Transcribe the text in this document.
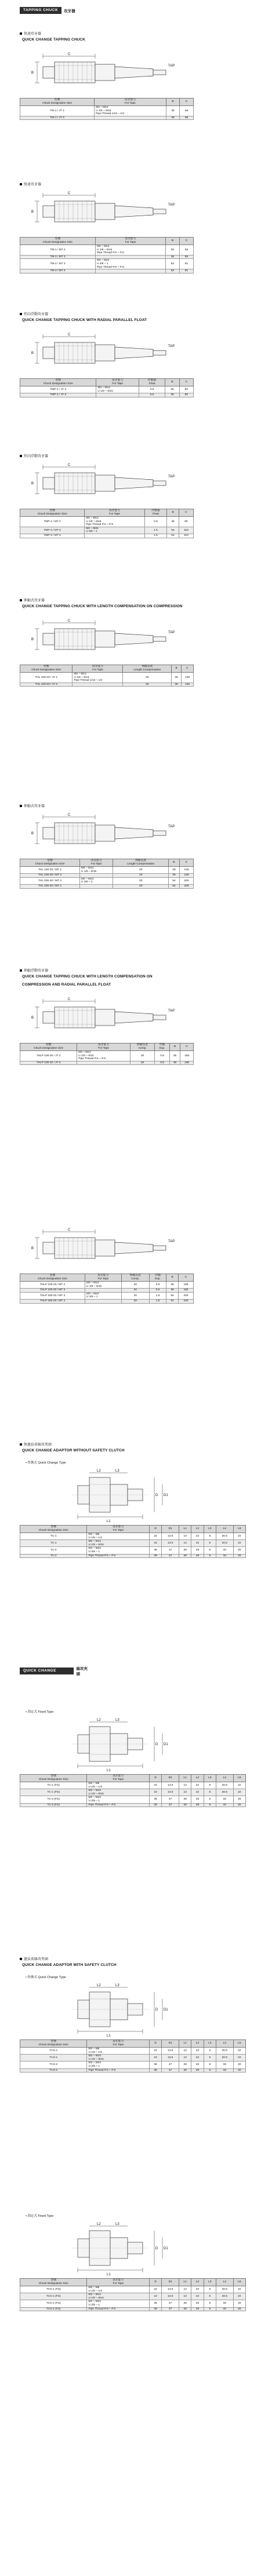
TAPPING CHUCK	攻牙器
QUICK CHANGE ADAPTER
絲攻夾頭
快速攻牙器
QUICK CHANGE TAPPING CHUCK
C
B
TAP
型號
Chuck Designation Size	攻牙能力
For Taps	B	C
TM-1 / JT 2	M3 ~ M14
U 1/8 ~ 9/16
Pipe Thread 1/16 ~ 1/4	35	56
TM-1 / JT 3		35	56
快速攻牙器
C
B
TAP
型號
Chuck Designation Size	攻牙能力
For Taps	B	C
TM-1 / MT 2	M3 ~ M14
U 1/8 ~ 9/16
Pipe Thread P.S ~ P.S	35	56
TM-1 / MT 3		35	56
TM-2 / MT 3	M3 ~ M24
U 3/8 ~ 1
Pipe Thread P.S ~ P.S	54	81
TM-2 / MT 4		54	81
徑向浮動攻牙器
QUICK CHANGE TAPPING CHUCK WITH RADIAL PARALLEL FLOAT
C
B
TAP
型號
Chuck Designation Size	攻牙能力
For Taps	浮動量
Float	B	C
TMP-1 / JT 2	M3 ~ M14
U 1/8 ~ 9/16	0.5	35	80
TMP-1 / JT 3		0.5	35	80
徑向浮動攻牙器
C
B
TAP
型號
Chuck Designation Size	攻牙能力
For Taps	浮動量
Float	B	C
TMP-1 / MT 2	M3 ~ M14
U 1/8 ~ 9/16
Pipe Thread P.S ~ P.S	0.5	35	80
TMP-2 / MT 3	M3 ~ M24
U 3/8 ~ 1	1.5	54	110
TMP-2 / MT 4		1.5	54	110
伸縮式攻牙器
QUICK CHANGE TAPPING CHUCK WITH LENGTH COMPENSATION ON COMPRESSION
C
B
TAP
型號
Chuck Designation Size	攻牙能力
For Taps	伸縮長度
Length Compensation	B	C
THL 100-20 / JT 2	M3 ~ M14
U 1/8 ~ 9/16
Pipe Thread 1/16 ~ 1/4	20	35	148
THL 100-20 / JT 3		20	35	148
伸縮式攻牙器
C
B
TAP
型號
Chuck Designation Size	攻牙能力
For Taps	伸縮長度
Length Compensation	B	C
THL 100-20 / MT 2	M3 ~ M14
U 1/8 ~ 9/16	20	35	148
THL 100-20 / MT 3		20	35	148
THL 200-20 / MT 3	M3 ~ M24
U 3/8 ~ 1	20	54	200
THL 200-20 / MT 4		20	54	200
伸縮浮動攻牙器
QUICK CHANGE TAPPING CHUCK WITH LENGTH COMPENSATION ON
COMPRESSION AND RADIAL PARALLEL FLOAT
C
B
TAP
型號
Chuck Designation Size	攻牙能力
For Taps	伸縮長度
Comp.	浮動
Exp.	B	C
THLP 100-20 / JT 2	M3 ~ M14
U 1/8 ~ 9/16
Pipe Thread P.S ~ P.S	20	0.5	35	165
THLP 100-20 / JT 3		20	0.5	35	165
C
B
TAP
型號
Chuck Designation Size	攻牙能力
For Taps	伸縮長度
Comp.	浮動
Exp.	B	C
THLP 100-20 / MT 2	M3 ~ M14
U 1/8 ~ 9/16	20	0.5	35	165
THLP 100-20 / MT 3		20	0.5	35	165
THLP 200-20 / MT 3	M3 ~ M24
U 3/8 ~ 1	20	1.5	54	220
THLP 200-20 / MT 4		20	1.5	54	220
無過負荷絲攻夾頭
QUICK CHANGE ADAPTOR WITHOUT SAFETY CLUTCH
• 快換式 Quick Change Type
L1
L2	L3
D D1
型號
Chuck Designation Size	攻牙能力
For Taps	D	D1	L1	L2	L3	L4	L5
TC-1	M3 ~ M6
U 1/8 ~ 1/4	22	13.5	13	22	6	20.5	22
TC-1	M3 ~ M14
U 1/8 ~ 9/16	22	13.5	13	22	6	20.5	22
TC-2	M3 ~ M24
U 3/8 ~ 1	36	47	28	28	6	33	20
TC-2	Pipe Thread P.S ~ P.S	36	47	28	28	6	33	20
• 固定式 Fixed Type
L1
L2	L3
D D1
型號
Chuck Designation Size	攻牙能力
For Taps	D	D1	L1	L2	L3	L4	L5
TC-1 (Fix)	M3 ~ M6
U 1/8 ~ 1/4	22	13.5	13	22	6	20.5	22
TC-1 (Fix)	M3 ~ M14
U 1/8 ~ 9/16	22	13.5	13	22	6	20.5	22
TC-2 (Fix)	M3 ~ M24
U 3/8 ~ 1	36	47	28	28	6	33	20
TC-2 (Fix)	Pipe Thread P.S ~ P.S	36	47	28	28	6	33	20
過負荷絲攻夾頭
QUICK CHANGE ADAPTOR WITH SAFETY CLUTCH
• 快換式 Quick Change Type
L1
L2	L3
D D1
型號
Chuck Designation Size	攻牙能力
For Taps	D	D1	L1	L2	L3	L4	L5
TCS-1	M3 ~ M6
U 1/8 ~ 1/4	22	13.5	13	22	6	20.5	22
TCS-1	M3 ~ M14
U 1/8 ~ 9/16	22	13.5	13	22	6	20.5	22
TCS-2	M3 ~ M24
U 3/8 ~ 1	36	47	28	28	6	33	20
TCS-2	Pipe Thread P.S ~ P.S	36	47	28	28	6	33	20
• 固定式 Fixed Type
L1
L2	L3
D D1
型號
Chuck Designation Size	攻牙能力
For Taps	D	D1	L1	L2	L3	L4	L5
TCS-1 (Fix)	M3 ~ M6
U 1/8 ~ 1/4	22	13.5	13	22	6	20.5	22
TCS-1 (Fix)	M3 ~ M14
U 1/8 ~ 9/16	22	13.5	13	22	6	20.5	22
TCS-2 (Fix)	M3 ~ M24
U 3/8 ~ 1	36	47	28	28	6	33	20
TCS-2 (Fix)	Pipe Thread P.S ~ P.S	36	47	28	28	6	33	20
